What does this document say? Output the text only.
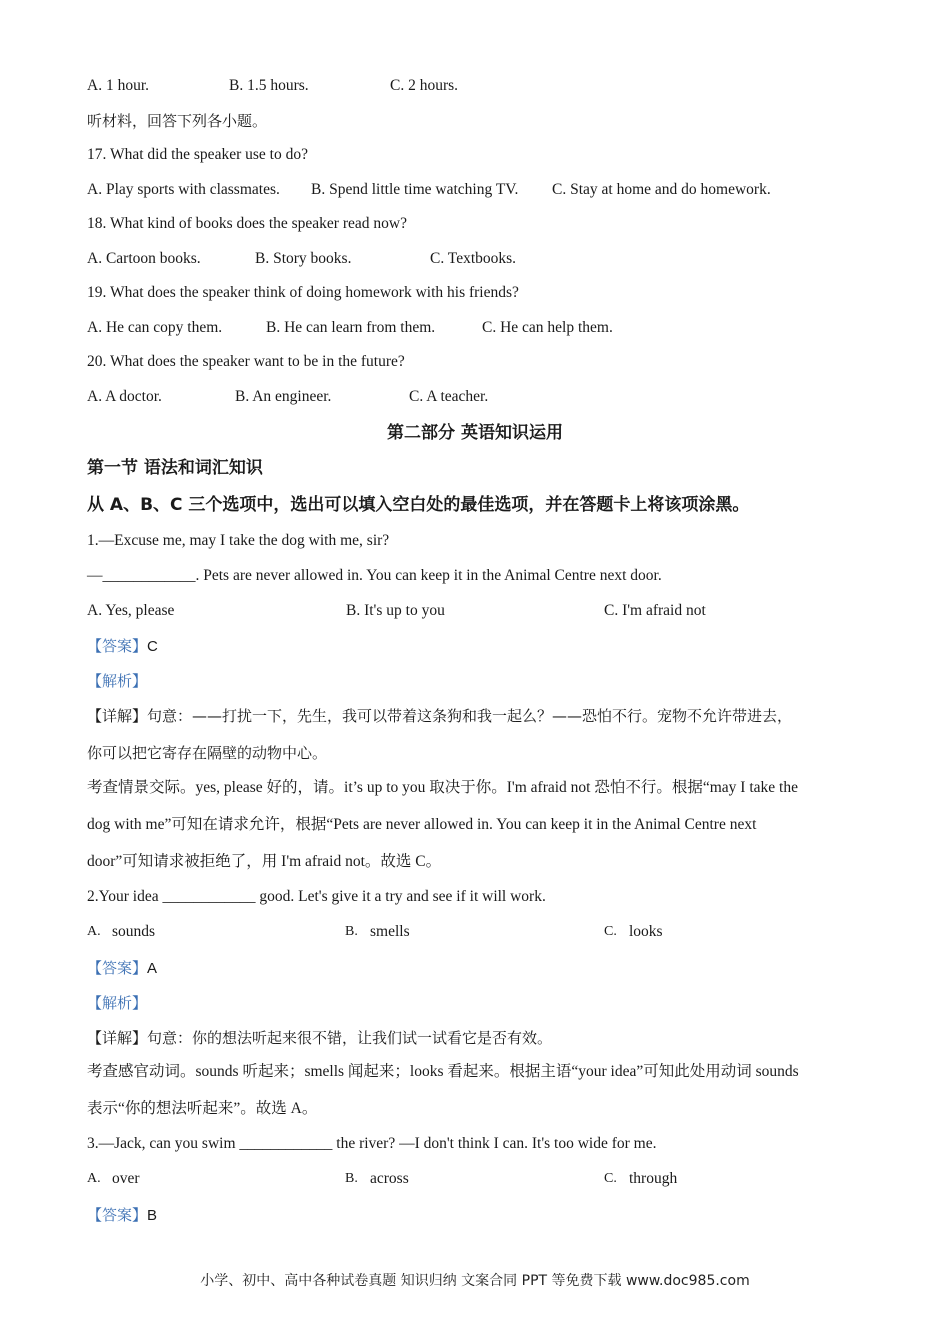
A. 1 hour.	B. 1.5 hours.	C. 2 hours.
听材料，回答下列各小题。
17. What did the speaker use to do?
A. Play sports with classmates. B. Spend little time watching TV. C. Stay at home and do homework.
18. What kind of books does the speaker read now?
A. Cartoon books.	B. Story books.	C. Textbooks.
19. What does the speaker think of doing homework with his friends?
A. He can copy them.	B. He can learn from them.	C. He can help them.
20. What does the speaker want to be in the future?
A. A doctor.	B. An engineer.	C. A teacher.
第二部分 英语知识运用
第一节 语法和词汇知识
从 A、B、C 三个选项中，选出可以填入空白处的最佳选项，并在答题卡上将该项涂黑。
1.—Excuse me, may I take the dog with me, sir?
—____________. Pets are never allowed in. You can keep it in the Animal Centre next door.
A. Yes, please	B. It's up to you	C. I'm afraid not
【答案】C
【解析】
【详解】句意：——打扰一下，先生，我可以带着这条狗和我一起么？——恐怕不行。宠物不允许带进去，
你可以把它寄存在隔壁的动物中心。
考查情景交际。yes, please 好的，请。it’s up to you 取决于你。I'm afraid not 恐怕不行。根据“may I take the
dog with me”可知在请求允许，根据“Pets are never allowed in. You can keep it in the Animal Centre next
door”可知请求被拒绝了，用 I'm afraid not。故选 C。
2.Your idea ____________ good. Let's give it a try and see if it will work.
A. sounds	B. smells	C. looks
【答案】A
【解析】
【详解】句意：你的想法听起来很不错，让我们试一试看它是否有效。
考查感官动词。sounds 听起来；smells 闻起来；looks 看起来。根据主语“your idea”可知此处用动词 sounds
表示“你的想法听起来”。故选 A。
3.—Jack, can you swim ____________ the river? —I don't think I can. It's too wide for me.
A. over	B. across	C. through
【答案】B
小学、初中、高中各种试卷真题 知识归纳 文案合同 PPT 等免费下载 www.doc985.com
